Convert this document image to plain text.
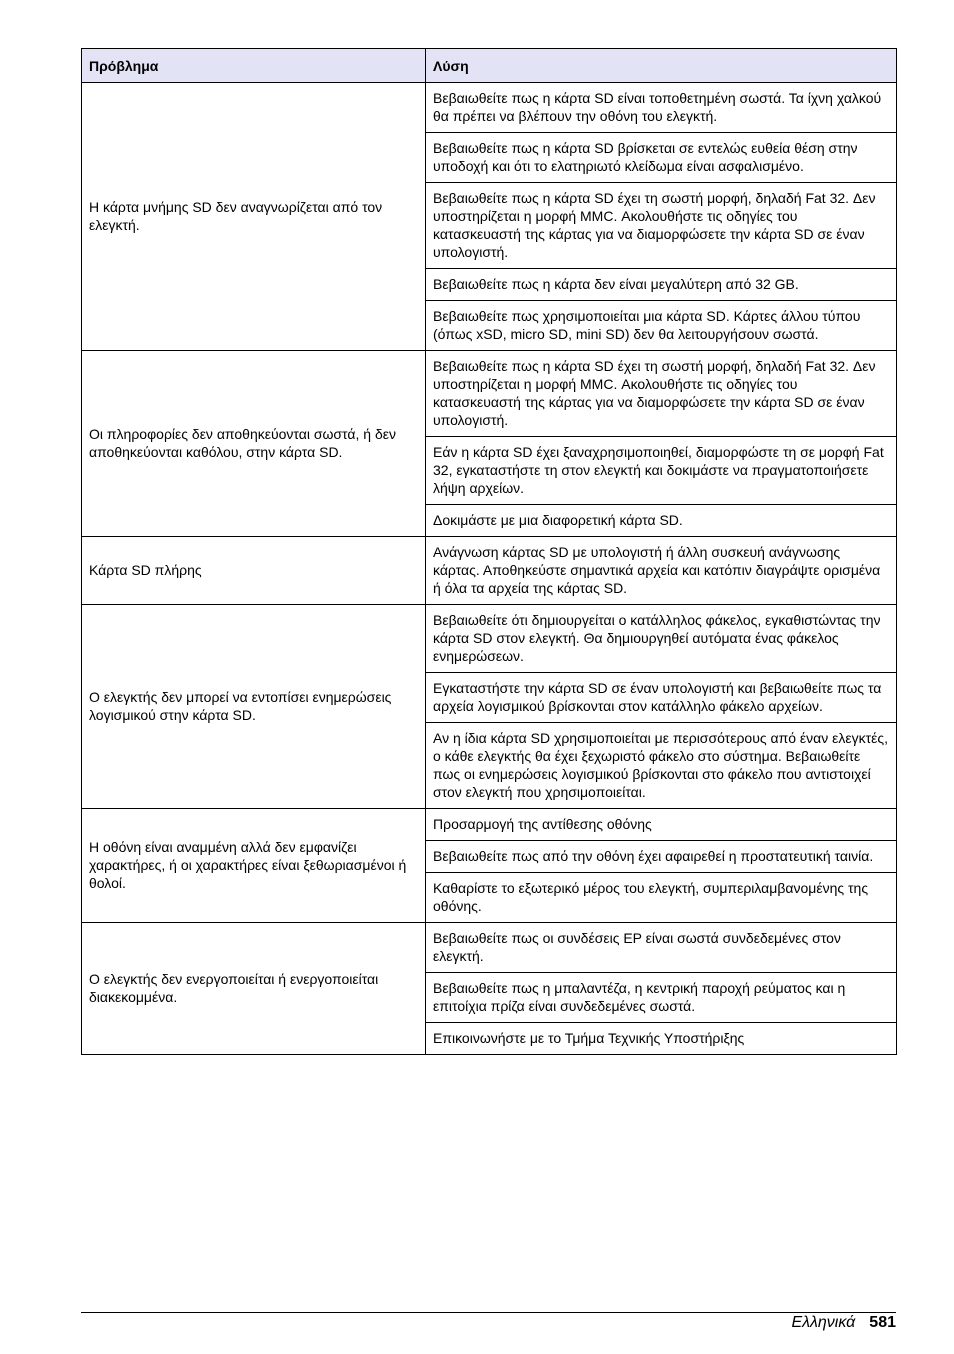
Πρόβλημα	Λύση
Η κάρτα μνήμης SD δεν αναγνωρίζεται από τον ελεγκτή.	Βεβαιωθείτε πως η κάρτα SD είναι τοποθετημένη σωστά. Τα ίχνη χαλκού θα πρέπει να βλέπουν την οθόνη του ελεγκτή.
	Βεβαιωθείτε πως η κάρτα SD βρίσκεται σε εντελώς ευθεία θέση στην υποδοχή και ότι το ελατηριωτό κλείδωμα είναι ασφαλισμένο.
	Βεβαιωθείτε πως η κάρτα SD έχει τη σωστή μορφή, δηλαδή Fat 32. Δεν υποστηρίζεται η μορφή MMC. Ακολουθήστε τις οδηγίες του κατασκευαστή της κάρτας για να διαμορφώσετε την κάρτα SD σε έναν υπολογιστή.
	Βεβαιωθείτε πως η κάρτα δεν είναι μεγαλύτερη από 32 GB.
	Βεβαιωθείτε πως χρησιμοποιείται μια κάρτα SD. Κάρτες άλλου τύπου (όπως xSD, micro SD, mini SD) δεν θα λειτουργήσουν σωστά.
Οι πληροφορίες δεν αποθηκεύονται σωστά, ή δεν αποθηκεύονται καθόλου, στην κάρτα SD.	Βεβαιωθείτε πως η κάρτα SD έχει τη σωστή μορφή, δηλαδή Fat 32. Δεν υποστηρίζεται η μορφή MMC. Ακολουθήστε τις οδηγίες του κατασκευαστή της κάρτας για να διαμορφώσετε την κάρτα SD σε έναν υπολογιστή.
	Εάν η κάρτα SD έχει ξαναχρησιμοποιηθεί, διαμορφώστε τη σε μορφή Fat 32, εγκαταστήστε τη στον ελεγκτή και δοκιμάστε να πραγματοποιήσετε λήψη αρχείων.
	Δοκιμάστε με μια διαφορετική κάρτα SD.
Κάρτα SD πλήρης	Ανάγνωση κάρτας SD με υπολογιστή ή άλλη συσκευή ανάγνωσης κάρτας. Αποθηκεύστε σημαντικά αρχεία και κατόπιν διαγράψτε ορισμένα ή όλα τα αρχεία της κάρτας SD.
Ο ελεγκτής δεν μπορεί να εντοπίσει ενημερώσεις λογισμικού στην κάρτα SD.	Βεβαιωθείτε ότι δημιουργείται ο κατάλληλος φάκελος, εγκαθιστώντας την κάρτα SD στον ελεγκτή. Θα δημιουργηθεί αυτόματα ένας φάκελος ενημερώσεων.
	Εγκαταστήστε την κάρτα SD σε έναν υπολογιστή και βεβαιωθείτε πως τα αρχεία λογισμικού βρίσκονται στον κατάλληλο φάκελο αρχείων.
	Αν η ίδια κάρτα SD χρησιμοποιείται με περισσότερους από έναν ελεγκτές, ο κάθε ελεγκτής θα έχει ξεχωριστό φάκελο στο σύστημα. Βεβαιωθείτε πως οι ενημερώσεις λογισμικού βρίσκονται στο φάκελο που αντιστοιχεί στον ελεγκτή που χρησιμοποιείται.
Η οθόνη είναι αναμμένη αλλά δεν εμφανίζει χαρακτήρες, ή οι χαρακτήρες είναι ξεθωριασμένοι ή θολοί.	Προσαρμογή της αντίθεσης οθόνης
	Βεβαιωθείτε πως από την οθόνη έχει αφαιρεθεί η προστατευτική ταινία.
	Καθαρίστε το εξωτερικό μέρος του ελεγκτή, συμπεριλαμβανομένης της οθόνης.
Ο ελεγκτής δεν ενεργοποιείται ή ενεργοποιείται διακεκομμένα.	Βεβαιωθείτε πως οι συνδέσεις EP είναι σωστά συνδεδεμένες στον ελεγκτή.
	Βεβαιωθείτε πως η μπαλαντέζα, η κεντρική παροχή ρεύματος και η επιτοίχια πρίζα είναι συνδεδεμένες σωστά.
	Επικοινωνήστε με το Τμήμα Τεχνικής Υποστήριξης
Ελληνικά 581
